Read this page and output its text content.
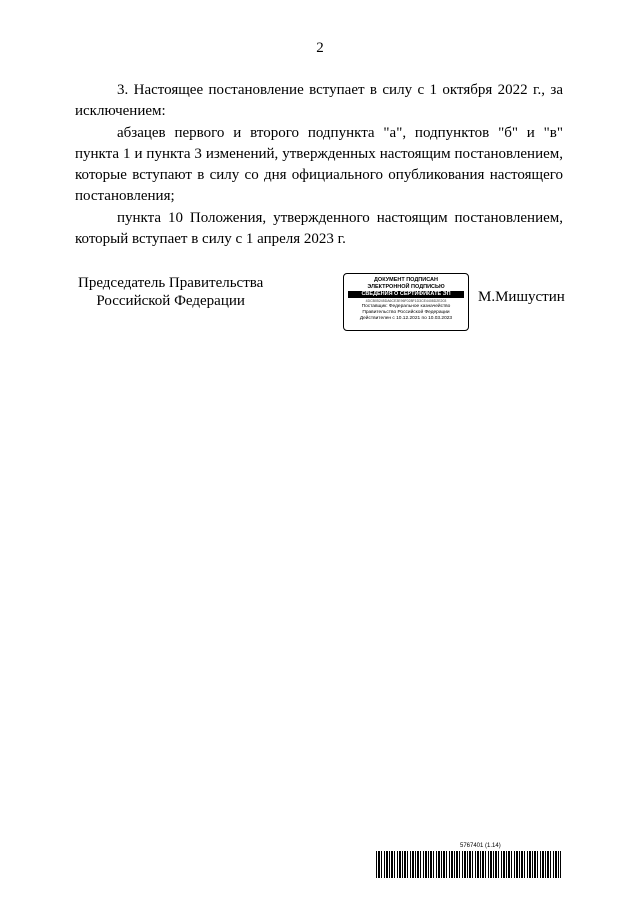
2

3. Настоящее постановление вступает в силу с 1 октября 2022 г., за исключением:

абзацев первого и второго подпункта "а", подпунктов "б" и "в" пункта 1 и пункта 3 изменений, утвержденных настоящим постановлением, которые вступают в силу со дня официального опубликования настоящего постановления;

пункта 10 Положения, утвержденного настоящим постановлением, который вступает в силу с 1 апреля 2023 г.

Председатель Правительства
Российской Федерации
ДОКУМЕНТ ПОДПИСАН
ЭЛЕКТРОННОЙ ПОДПИСЬЮ
СВЕДЕНИЯ О СЕРТИФИКАТЕ ЭП
4DCB05245DA6CE3E96F028F1D3CE4408D2E203
Поставщик: Федеральное казначейство
Правительство Российской Федерации
Действителен с 10.12.2021 по 10.03.2023
М.Мишустин
5767401 (1.14)
